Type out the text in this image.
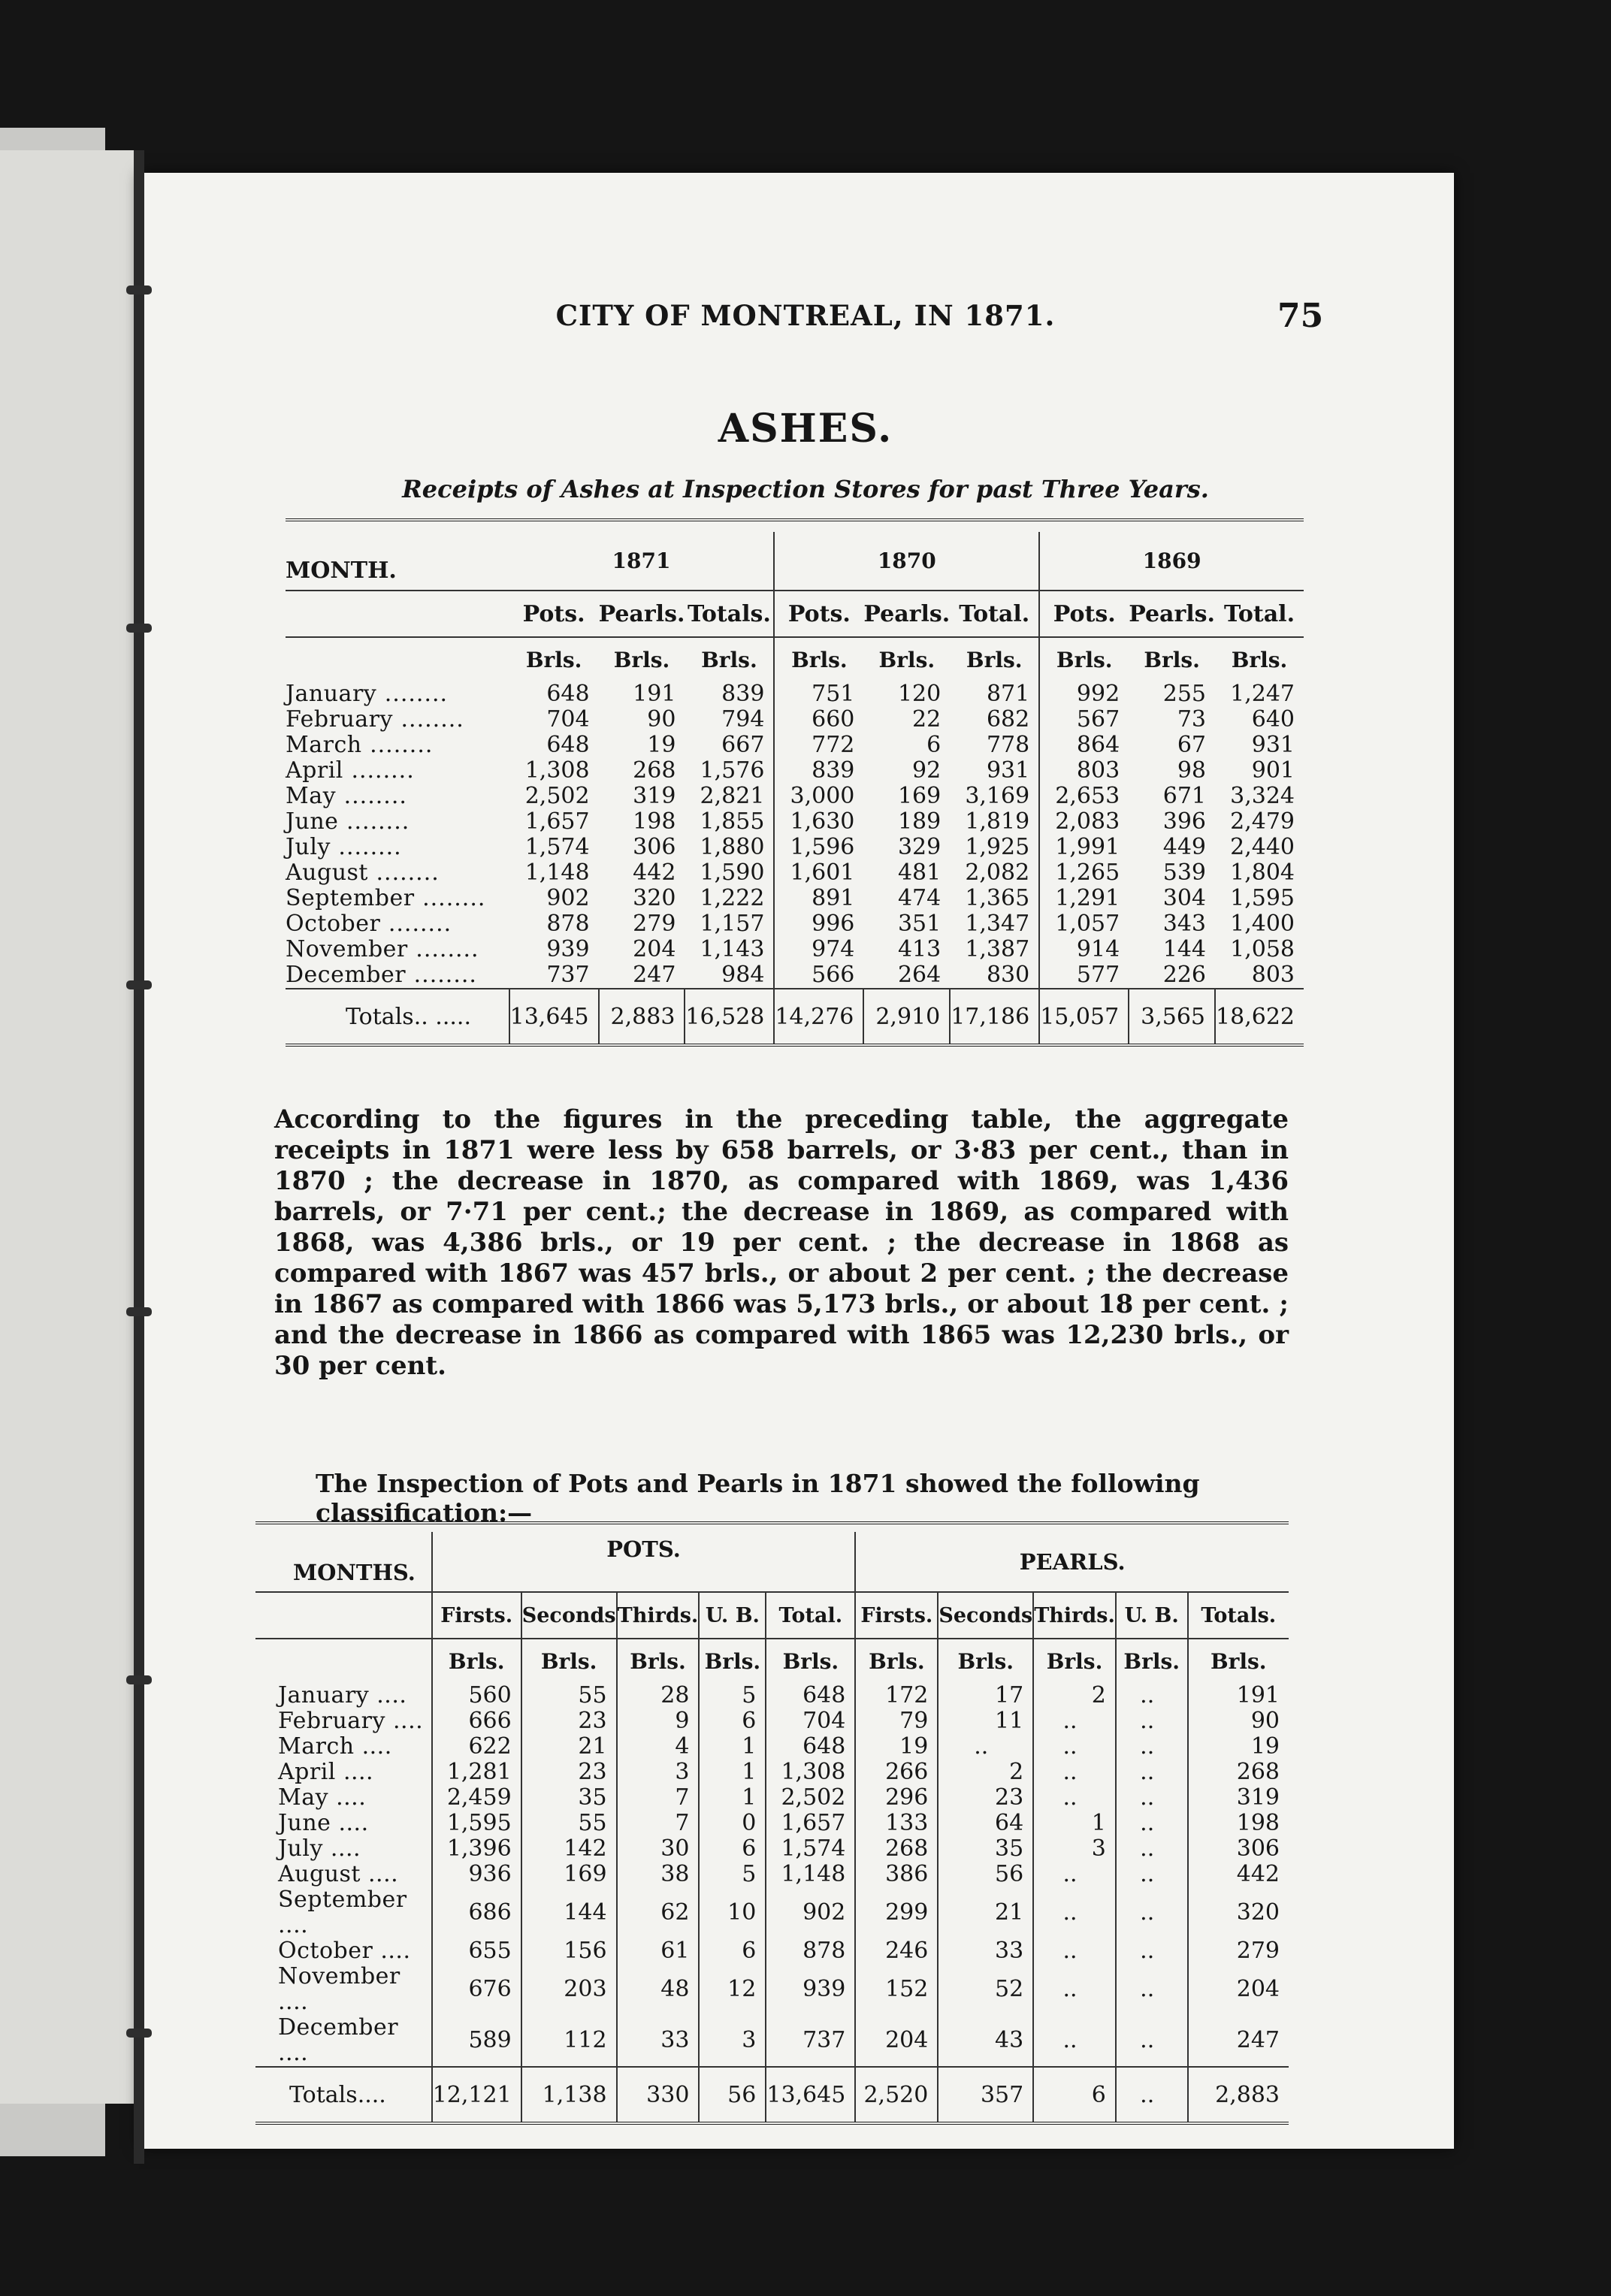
CITY OF MONTREAL, IN 1871.	75
ASHES.
Receipts of Ashes at Inspection Stores for past Three Years.

MONTH.	1871			1870			1869		
	Pots.	Pearls.	Totals.	Pots.	Pearls.	Total.	Pots.	Pearls.	Total.
	Brls.	Brls.	Brls.	Brls.	Brls.	Brls.	Brls.	Brls.	Brls.
January ........	648	191	839	751	120	871	992	255	1,247
February ........	704	90	794	660	22	682	567	73	640
March ........	648	19	667	772	6	778	864	67	931
April ........	1,308	268	1,576	839	92	931	803	98	901
May ........	2,502	319	2,821	3,000	169	3,169	2,653	671	3,324
June ........	1,657	198	1,855	1,630	189	1,819	2,083	396	2,479
July ........	1,574	306	1,880	1,596	329	1,925	1,991	449	2,440
August ........	1,148	442	1,590	1,601	481	2,082	1,265	539	1,804
September ........	902	320	1,222	891	474	1,365	1,291	304	1,595
October ........	878	279	1,157	996	351	1,347	1,057	343	1,400
November ........	939	204	1,143	974	413	1,387	914	144	1,058
December ........	737	247	984	566	264	830	577	226	803
Totals.. .....	13,645	2,883	16,528	14,276	2,910	17,186	15,057	3,565	18,622
According to the figures in the preceding table, the aggregate receipts in 1871 were less by 658 barrels, or 3·83 per cent., than in 1870 ; the decrease in 1870, as compared with 1869, was 1,436 barrels, or 7·71 per cent.; the decrease in 1869, as compared with 1868, was 4,386 brls., or 19 per cent. ; the decrease in 1868 as compared with 1867 was 457 brls., or about 2 per cent. ; the decrease in 1867 as compared with 1866 was 5,173 brls., or about 18 per cent. ; and the decrease in 1866 as compared with 1865 was 12,230 brls., or 30 per cent.
The Inspection of Pots and Pearls in 1871 showed the following classification:—

MONTHS.	POTS.					PEARLS.				
	Firsts.	Seconds	Thirds.	U. B.	Total.	Firsts.	Seconds	Thirds.	U. B.	Totals.
	Brls.	Brls.	Brls.	Brls.	Brls.	Brls.	Brls.	Brls.	Brls.	Brls.
January ....	560	55	28	5	648	172	17	2	..	191
February ....	666	23	9	6	704	79	11	..	..	90
March ....	622	21	4	1	648	19	..	..	..	19
April ....	1,281	23	3	1	1,308	266	2	..	..	268
May ....	2,459	35	7	1	2,502	296	23	..	..	319
June ....	1,595	55	7	0	1,657	133	64	1	..	198
July ....	1,396	142	30	6	1,574	268	35	3	..	306
August ....	936	169	38	5	1,148	386	56	..	..	442
September ....	686	144	62	10	902	299	21	..	..	320
October ....	655	156	61	6	878	246	33	..	..	279
November ....	676	203	48	12	939	152	52	..	..	204
December ....	589	112	33	3	737	204	43	..	..	247
Totals....	12,121	1,138	330	56	13,645	2,520	357	6	..	2,883
